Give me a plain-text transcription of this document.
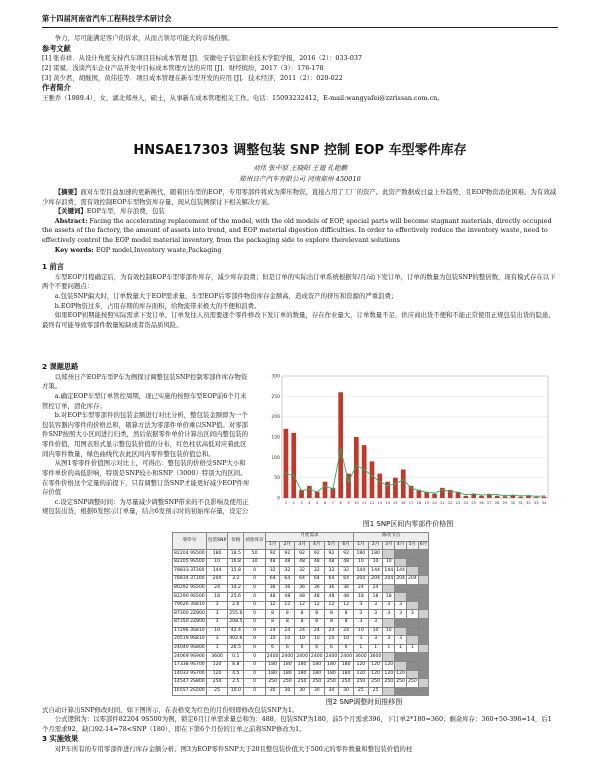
第十四届河南省汽车工程科技学术研讨会

争力，尽可能满足客户的诉求，从而占领尽可能大的市场份额。

参考文献

[1] 张春祥．从设计角度支持汽车项目目标成本管理 [J]．安徽电子信息职业技术学院学报，2016（2）：033-037

[2] 雷斌．浅谈汽车企业产品开发中目标成本管理方法的应用 [J]．财经缤纷，2017（3）：176-178

[3] 黄少君，胡继国，黄伟佳等．项目成本管理在新车型开发的应用 [J]．技术经济，2011（2）：020-022

作者简介

王雅乔（1989.4），女，湖北郑州人，硕士，从事新车成本管理相关工作。电话：15093232412，E-mail:wangyafei@zzrissan.com.cn。

HNSAE17303 调整包装 SNP 控制 EOP 车型零件库存
刘伟 张中原 王晓阳 王翅 孔艳鹏
郑州日产汽车有限公司 河南郑州 450016

【摘要】面对车型目益加速的更新换代，随着旧车型的EOP，专用零部件将成为滞压物资，直接占用了工厂的资产。此资产数据成日益上升趋势，且EOP物资消化困难。为有效减少库存浪费，需有效控制EOP车型物资库存量，现从包装侧探讨下相关解决方案。

【关键词】EOP车型，库存浪费，包装

Abstract: Facing the accelerating replacement of the model, with the old models of EOP, special parts will become stagnant materials, directly occupied the assets of the factory, the amount of assets into trend, and EOP material digestion difficulties. In order to effectively reduce the inventory waste, need to effectively control the EOP model material inventory, from the packaging side to explore therelevant solutions

Key words: EOP model,Inventory waste,Packaging

1 前言

车型EOP月程确定后，为有效控制EOP车型零部件库存，减少库存浪费；但是订单的实际出订单系统根据年/月/动下发订单，订单的数量为包装SNP的整倍数，现有模式存在以下两个不要问题点：

a.包装SNP偏大时，订单数量大于EOP需求量，车型EOP后零部件物资库存金额高，造成资产的挤压和资源的严重浪费；

b.EOP物资过多，占用存期的库存面积，给物流带来极大的不便和浪费。

如果EOP初期能按照实际需求下发订单，订单发往人员需要逐个零件修改下发订单的数量，存在作业量大，订单数量不足，供应商出货不便和不能正常使用正规包装出货的隐患、最终有可能导致零部件数量短缺或者货品质风险。

2 课题思路

以郑州日产EOP车型P车为例探讨调整包装SNP控制零部件库存物资方策。

a.确定EOP车型订单管控周期，现已实施的按照车型EOP前6个月来管控订单，清化库存；

b.对EOP车型零部件的包装金额进行对比分析，整包装金额即为一个包装容器内零件的价格总和，剔算方法为零部件单价乘以SNP值。对零部件SNP按照大小区间进行归类，然后依据零件单价计算出区间内整包装的零件价值，用图表形式显示整包装价值的分布，红色柱状高低对应着此区间内零件数量，绿色曲线代表此区间内零件整包装价值总和。

从图1零零件价值图示对比上，可得出：整包装的价格受SNP大小和零件单价的高低影响，特别是SNP较小和SNP（3000）特别大的区间。在零件价格这个定量的前提下，只有调整订货SNP才能更好减少EOP件库存价值

c.设定SNP调整时间：为尽量减少调整SNP带来的不良影响及使用正规包装出货，根据6发照示订单量，结合6发预示时的初始库存量，设定公

0
50
100
150
200
250
300
1 2 3 4 5 6 7 8 9 10 11 12 13 14 15 16 17 18 19 20 21 22 23 24 25 26 27 28 29 30 31 32 33 34
图1 SNP区间内零部件价格图
零件号	包装SNP	价格	初始库存	月度需求						修改节点					
				1月	2月	3月	4月	5月	6月	1月	2月	3月	4月	5月	6月
82204 9S500	180	18.5	50	92	92	92	92	92	92	180	180				
82205 9S500	10	16.8	30	48	48	48	48	48	48	10	10	10			
78833 3T300	144	15.8	0	32	32	32	32	32	32	144	144	144	144		
78834 3T300	204	3.2	0	64	64	64	64	64	64	204	204	204	204	204	
80292 9S500	24	14.2	0	36	36	36	36	36	36	24	24				
82290 9S500	18	25.6	0	48	48	48	48	48	48	18	18	18			
79626 3S810	3	2.6	0	12	12	12	12	12	12	3	3	3	3		
87300 2Z800	3	255.6	0	8	8	8	8	8	8	3	3	3	3	3	
87350 2Z800	3	208.5	0	8	8	8	8	8	8	3	3				
17296 3S810	10	42.4	0	24	24	24	24	24	24	10	10	10			
20519 9S810	3	402.6	0	10	10	10	10	10	10	3	3	3	3		
24040 9S800	1	26.5	0	6	6	6	6	6	6	1	1	1	1	1	
24069 9S900	3600	0.1	0	2400	2400	2400	2400	2400	2400	3600	3600				
17338 9S700	120	8.8	0	180	180	180	180	180	180	120	120	120			
14032 9S700	120	4.5	0	180	180	180	180	180	180	120	120	120	120		
14547 2S800	250	2.5	0	250	250	250	250	250	250	250	250	250	250	250	
16557 2S500	25	10.0	0	30	30	30	30	30	30	25	25				

图2 SNP调整时间推移图

式自动计算出SNP修改时间，如下图所示，在表格变为红色的月份则即修改包装SNP为1。

公式逻辑为：以零部件82204 9S500为例，锁定6月订单需求量总和为：488，包装SNP为180，前5个月需求396，下订单2*180=360；剩余库存：360+50-396=14，后1个月需求92，缺口92-14=78<SNP（180），即在下第6个月份的订单之前将SNP修改为1。

3 实施效果

对P车所有的专用零部件进行库存金额分析。图3为EOP零件SNP大于20且整包装价值大于500元的零件数量和整包装价值的柱
